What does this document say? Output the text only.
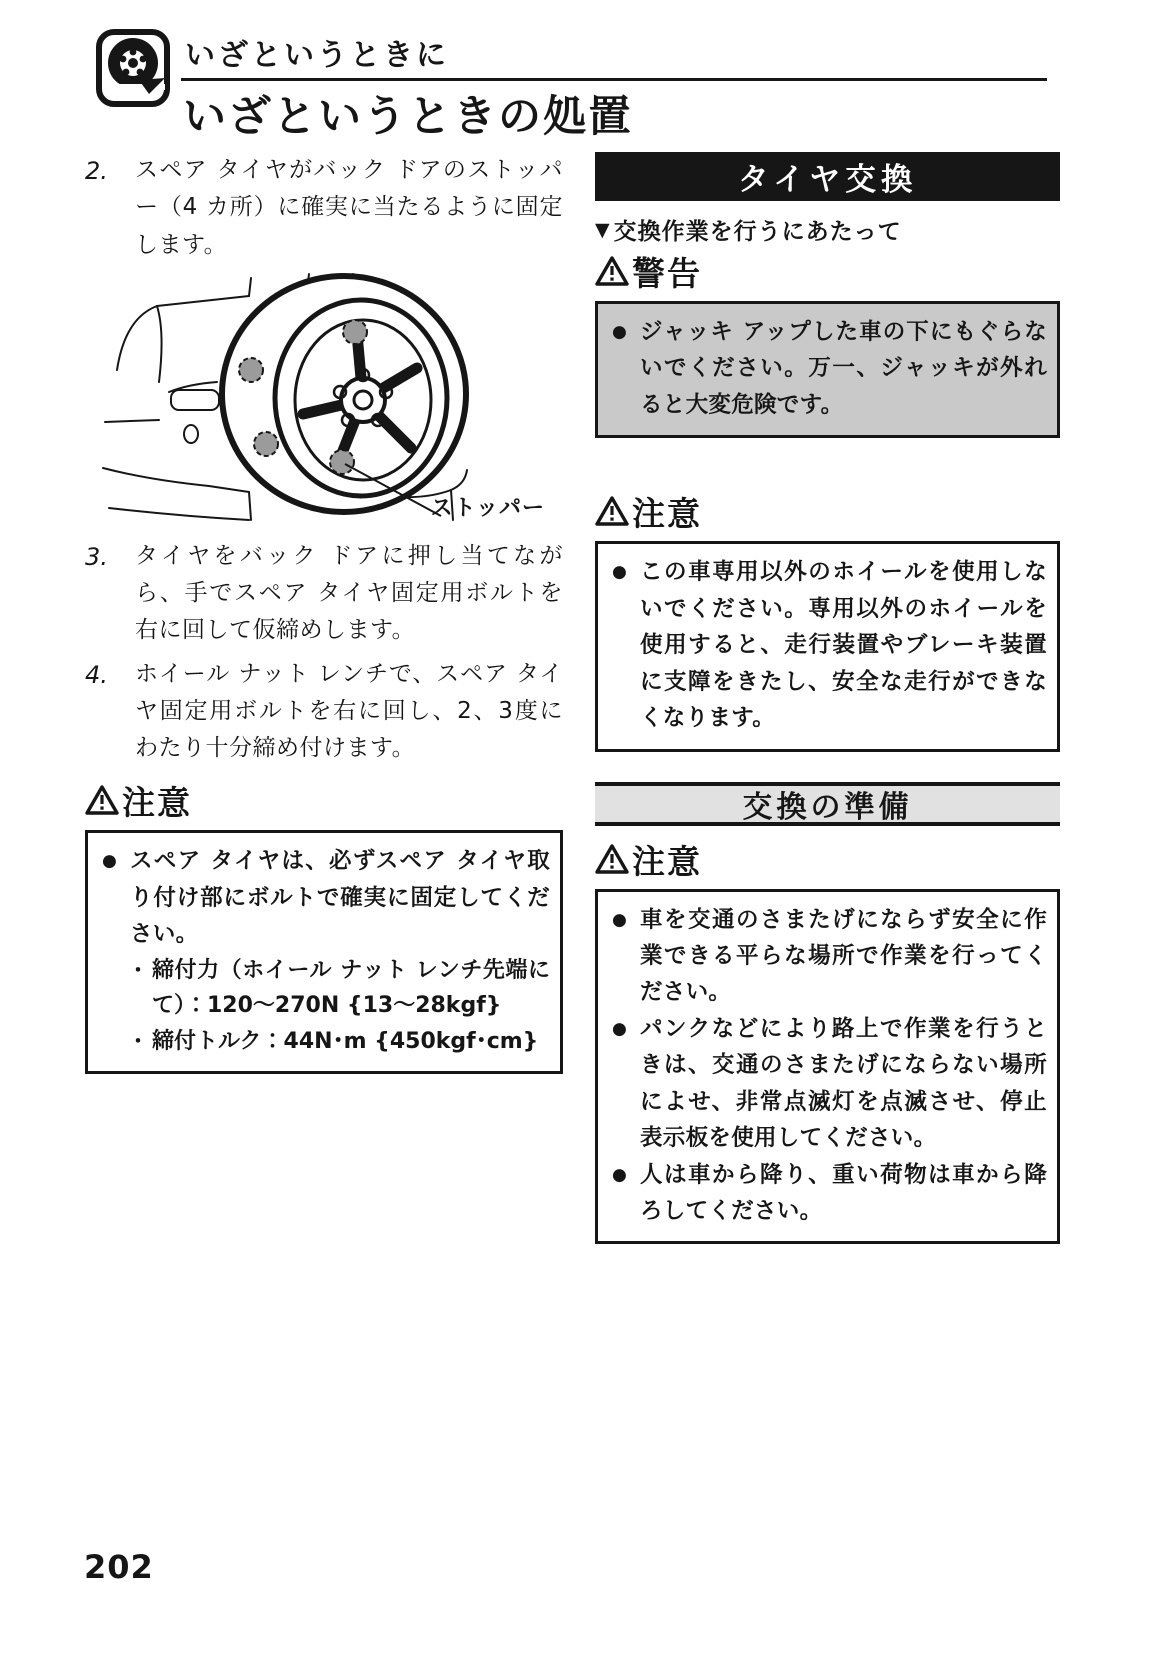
いざというときに
いざというときの処置
2.	スペア タイヤがバック ドアのストッパー（4 カ所）に確実に当たるように固定します。
ストッパー
3.	タイヤをバック ドアに押し当てながら、手でスペア タイヤ固定用ボルトを右に回して仮締めします。
4.	ホイール ナット レンチで、スペア タイヤ固定用ボルトを右に回し、2、3度にわたり十分締め付けます。
注意
● スペア タイヤは、必ずスペア タイヤ取り付け部にボルトで確実に固定してください。
・ 締付力（ホイール ナット レンチ先端にて）：120～270N {13～28kgf}
・ 締付トルク：44N･m {450kgf･cm}
タイヤ交換
▼ 交換作業を行うにあたって
警告
● ジャッキ アップした車の下にもぐらないでください。万一、ジャッキが外れると大変危険です。
注意
● この車専用以外のホイールを使用しないでください。専用以外のホイールを使用すると、走行装置やブレーキ装置に支障をきたし、安全な走行ができなくなります。
交換の準備
注意
● 車を交通のさまたげにならず安全に作業できる平らな場所で作業を行ってください。
● パンクなどにより路上で作業を行うときは、交通のさまたげにならない場所によせ、非常点滅灯を点滅させ、停止表示板を使用してください。
● 人は車から降り、重い荷物は車から降ろしてください。
202
